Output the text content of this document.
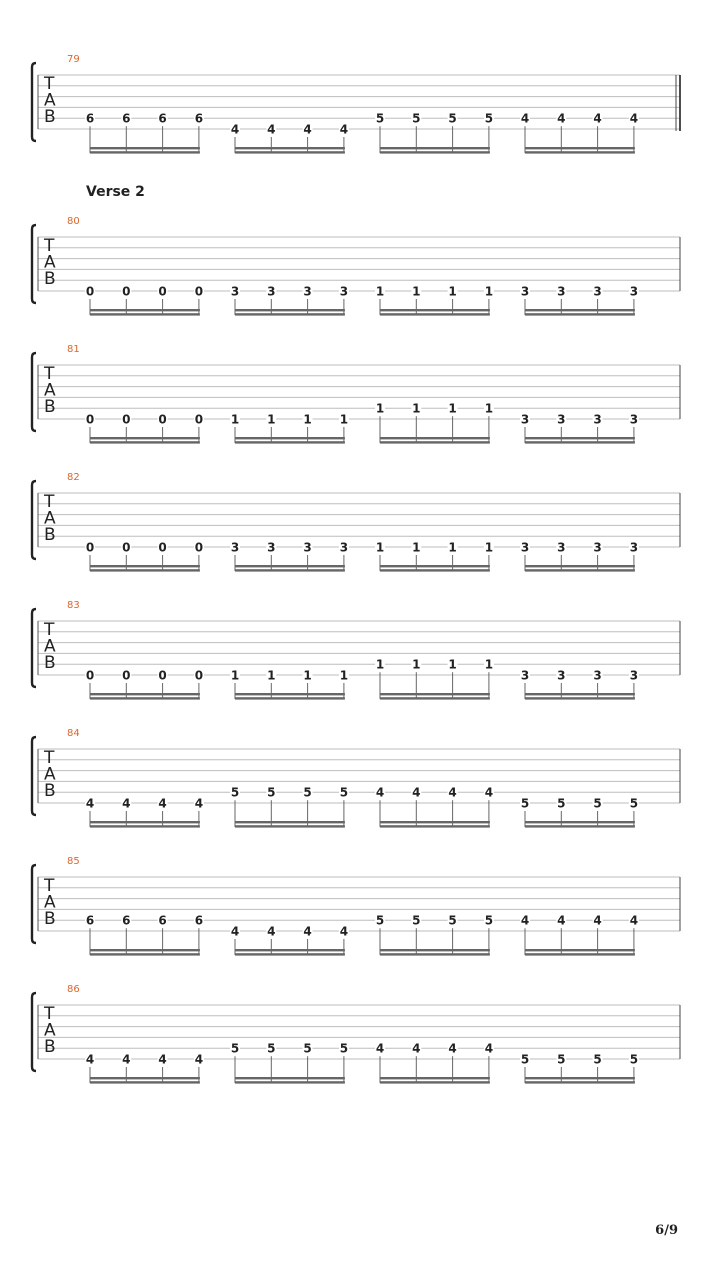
Verse 2
79
T
A
B	6 6 6 6
4 4 4 4
5 5 5 5 4 4 4 4
80
T
A
B
0 0 0 0 3 3 3 3 1 1 1 1 3 3 3 3
81
T
A
B
0 0 0 0 1 1 1 1
1 1 1 1
3 3 3 3
82
T
A
B
0 0 0 0 3 3 3 3 1 1 1 1 3 3 3 3
83
T
A
B
0 0 0 0 1 1 1 1
1 1 1 1
3 3 3 3
84
T
A
B
4 4 4 4
5 5 5 5 4 4 4 4
5 5 5 5
85
T
A
B	6 6 6 6
4 4 4 4
5 5 5 5 4 4 4 4
86
T
A
B
4 4 4 4
5 5 5 5 4 4 4 4
5 5 5 5
6/9
